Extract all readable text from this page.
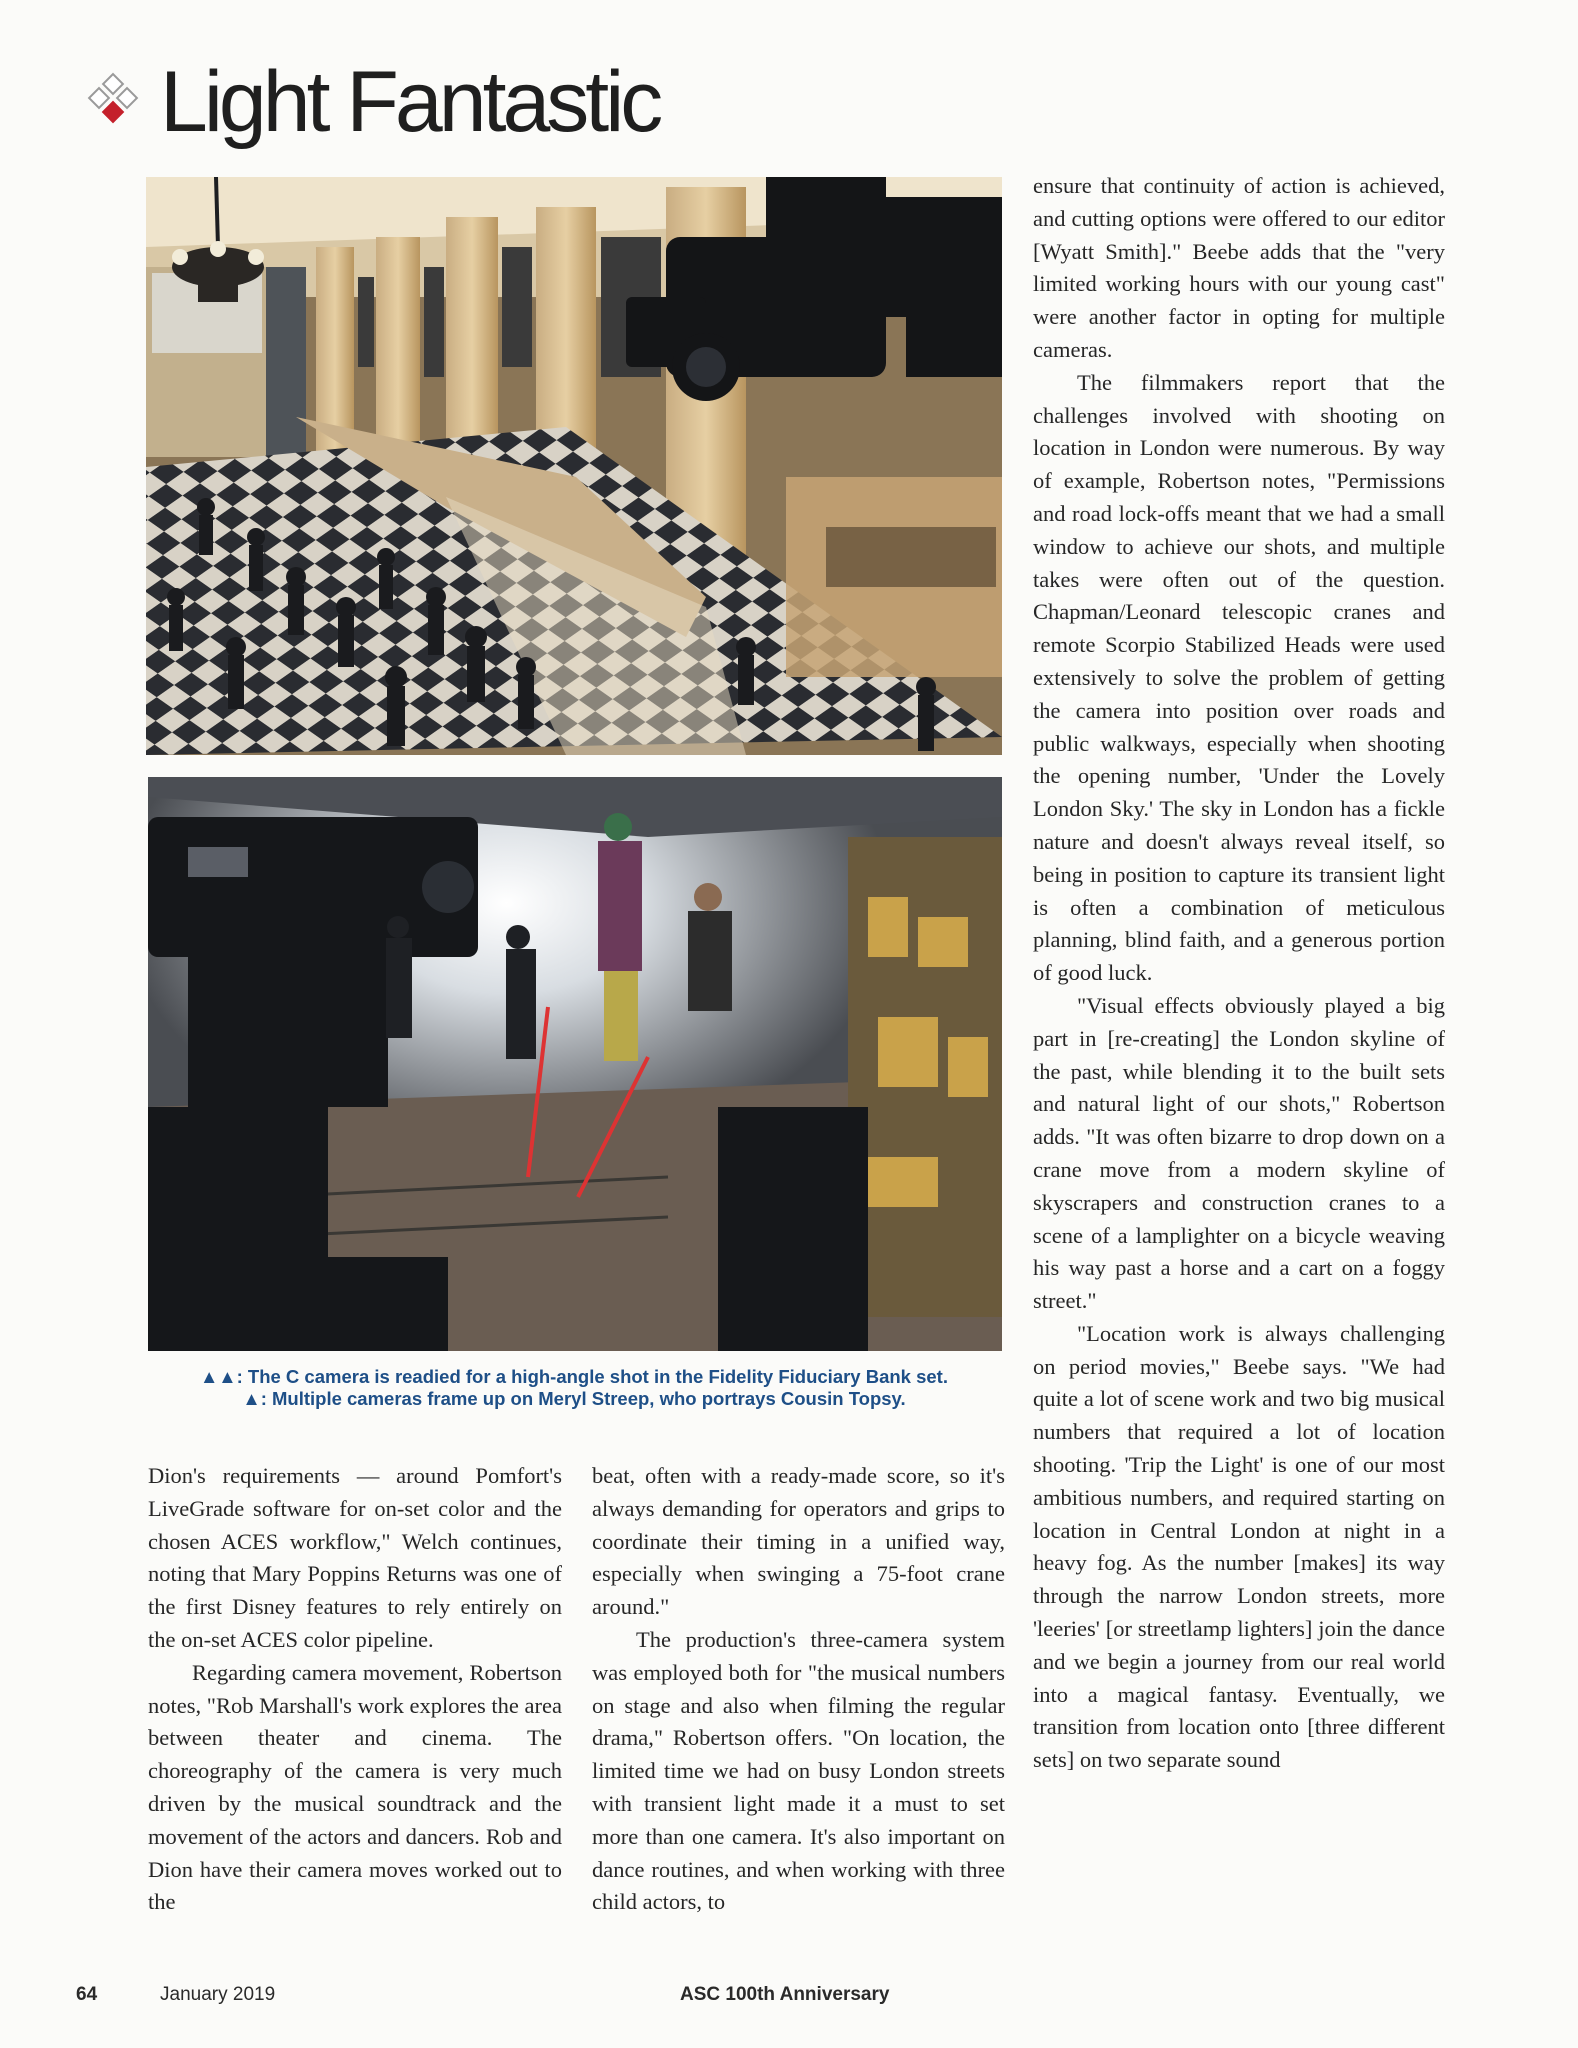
Light Fantastic
▲▲: The C camera is readied for a high-angle shot in the Fidelity Fiduciary Bank set.
▲: Multiple cameras frame up on Meryl Streep, who portrays Cousin Topsy.

Dion's requirements — around Pomfort's LiveGrade software for on-set color and the chosen ACES workflow," Welch continues, noting that Mary Poppins Returns was one of the first Disney features to rely entirely on the on-set ACES color pipeline.

Regarding camera movement, Robertson notes, "Rob Marshall's work explores the area between theater and cinema. The choreography of the camera is very much driven by the musical soundtrack and the movement of the actors and dancers. Rob and Dion have their camera moves worked out to the

beat, often with a ready-made score, so it's always demanding for operators and grips to coordinate their timing in a unified way, especially when swinging a 75-foot crane around."

The production's three-camera system was employed both for "the musical numbers on stage and also when filming the regular drama," Robertson offers. "On location, the limited time we had on busy London streets with transient light made it a must to set more than one camera. It's also important on dance routines, and when working with three child actors, to

ensure that continuity of action is achieved, and cutting options were offered to our editor [Wyatt Smith]." Beebe adds that the "very limited working hours with our young cast" were another factor in opting for multiple cameras.

The filmmakers report that the challenges involved with shooting on location in London were numerous. By way of example, Robertson notes, "Permissions and road lock-offs meant that we had a small window to achieve our shots, and multiple takes were often out of the question. Chapman/Leonard telescopic cranes and remote Scorpio Stabilized Heads were used extensively to solve the problem of getting the camera into position over roads and public walkways, especially when shooting the opening number, 'Under the Lovely London Sky.' The sky in London has a fickle nature and doesn't always reveal itself, so being in position to capture its transient light is often a combination of meticulous planning, blind faith, and a generous portion of good luck.

"Visual effects obviously played a big part in [re-creating] the London skyline of the past, while blending it to the built sets and natural light of our shots," Robertson adds. "It was often bizarre to drop down on a crane move from a modern skyline of skyscrapers and construction cranes to a scene of a lamplighter on a bicycle weaving his way past a horse and a cart on a foggy street."

"Location work is always challenging on period movies," Beebe says. "We had quite a lot of scene work and two big musical numbers that required a lot of location shooting. 'Trip the Light' is one of our most ambitious numbers, and required starting on location in Central London at night in a heavy fog. As the number [makes] its way through the narrow London streets, more 'leeries' [or streetlamp lighters] join the dance and we begin a journey from our real world into a magical fantasy. Eventually, we transition from location onto [three different sets] on two separate sound

64	January 2019	ASC 100th Anniversary
